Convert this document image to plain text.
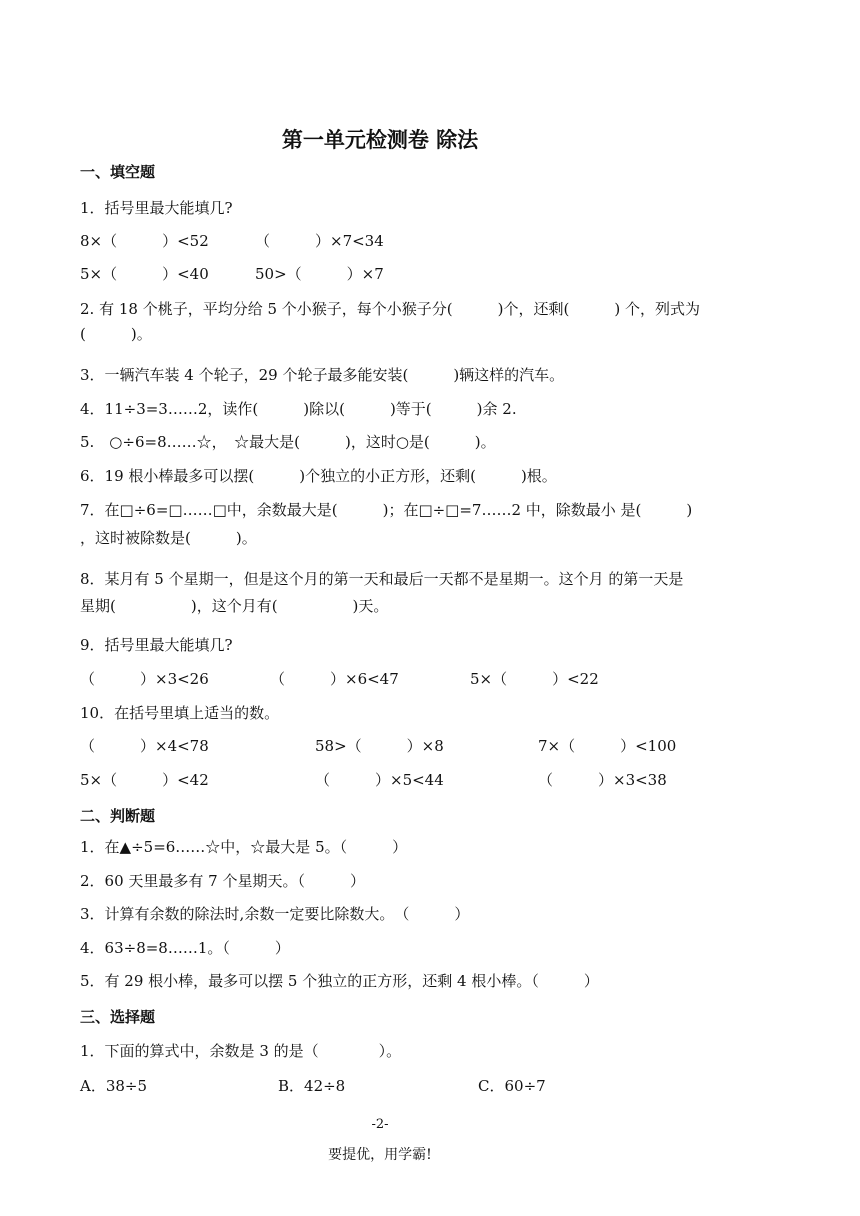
第一单元检测卷 除法
一、填空题
1．括号里最大能填几?
8×（　　　）<52	（　　　）×7<34
5×（　　　）<40	50>（　　　）×7
2. 有 18 个桃子，平均分给 5 个小猴子，每个小猴子分(　　　)个，还剩(　　　) 个，列式为
(　　　)。
3．一辆汽车装 4 个轮子，29 个轮子最多能安装(　　　)辆这样的汽车。
4．11÷3=3……2，读作(　　　)除以(　　　)等于(　　　)余 2.
5.　○÷6=8……☆，　☆最大是(　　　)，这时○是(　　　)。
6．19 根小棒最多可以摆(　　　)个独立的小正方形，还剩(　　　)根。
7．在□÷6=□……□中，余数最大是(　　　)；在□÷□=7……2 中，除数最小 是(　　　)
，这时被除数是(　　　)。
8．某月有 5 个星期一，但是这个月的第一天和最后一天都不是星期一。这个月 的第一天是
星期(　　　　　)，这个月有(　　　　　)天。
9．括号里最大能填几?
（　　　）×3<26	（　　　）×6<47	5×（　　　）<22
10．在括号里填上适当的数。
（　　　）×4<78	58>（　　　）×8	7×（　　　）<100
5×（　　　）<42	（　　　）×5<44	（　　　）×3<38
二、判断题
1．在▲÷5=6……☆中，☆最大是 5。（　　　）
2．60 天里最多有 7 个星期天。（　　　）
3．计算有余数的除法时,余数一定要比除数大。　（　　　）
4．63÷8=8……1。（　　　）
5．有 29 根小棒，最多可以摆 5 个独立的正方形，还剩 4 根小棒。（　　　）
三、选择题
1．下面的算式中，余数是 3 的是（　　　　）。
A．38÷5	B．42÷8	C．60÷7
-2-
要提优，用学霸!
